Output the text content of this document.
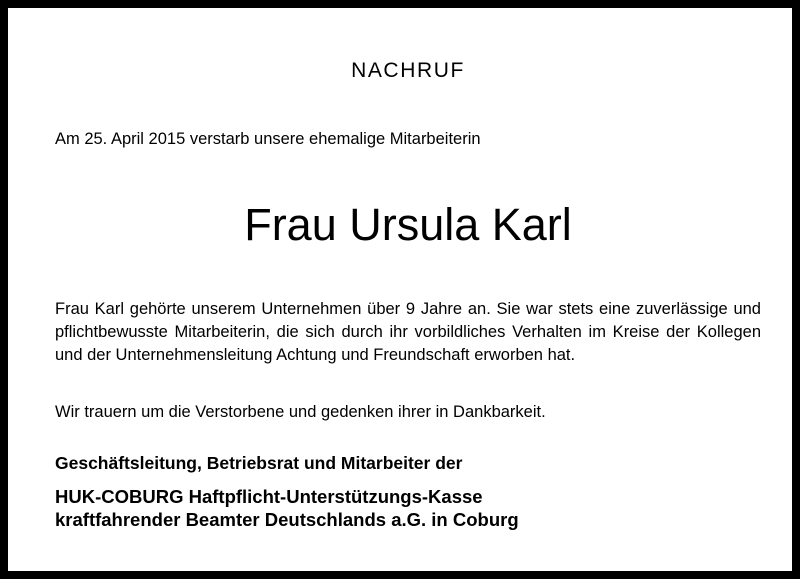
NACHRUF
Am 25. April 2015 verstarb unsere ehemalige Mitarbeiterin
Frau Ursula Karl

Frau Karl gehörte unserem Unternehmen über 9 Jahre an. Sie war stets eine zuverlässige und pflichtbewusste Mitarbeiterin, die sich durch ihr vorbildliches Verhalten im Kreise der Kollegen und der Unternehmensleitung Achtung und Freundschaft erworben hat.

Wir trauern um die Verstorbene und gedenken ihrer in Dankbarkeit.
Geschäftsleitung, Betriebsrat und Mitarbeiter der
HUK-COBURG Haftpflicht-Unterstützungs-Kasse
kraftfahrender Beamter Deutschlands a.G. in Coburg
